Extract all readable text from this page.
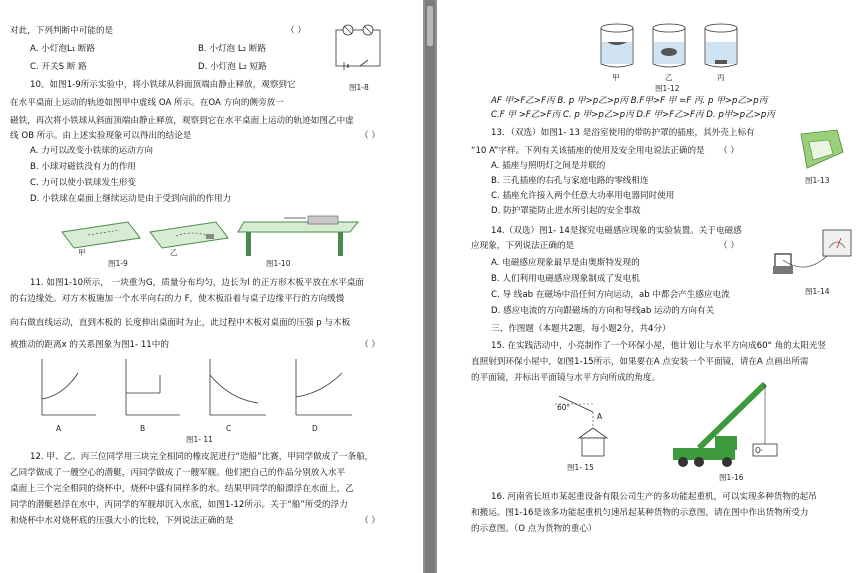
对此，下列判断中可能的是	（ ）
A. 小灯泡L₁ 断路	B. 小灯泡 L₂ 断路
C. 开关S 断 路	D. 小灯泡 L₂ 短路
图1-8
10。如图1-9所示实验中，将小铁球从斜面顶端由静止释放，观察到它
在水平桌面上运动的轨迹如图甲中虚线 OA 所示。在OA 方向的侧旁放一
磁铁，再次将小铁球从斜面顶端由静止释放，观察到它在水平桌面上运动的轨迹如图乙中虚
线 OB 所示。由上述实验现象可以得出的结论是	（ ）
A. 力可以改变小铁球的运动方向
B. 小球对磁铁没有力的作用
C. 力可以使小铁球发生形变
D. 小铁球在桌面上继续运动是由于受到向前的作用力
甲	乙
图1-9	图1-10
11. 如图1-10所示， 一块重为G，质量分布均匀，边长为l 的正方形木板平放在水平桌面
的右边缘处。对方木板施加一个水平向右的力 F，使木板沿着与桌子边缘平行的方向缓慢
向右做直线运动，直到木板的 长度伸出桌面时为止，此过程中木板对桌面的压强 p 与木板
被推动的距离x 的关系图象为图1- 11中的	（ ）
A	B	C	D
图1- 11
12. 甲、乙、丙三位同学用三块完全相同的橡皮泥进行“造船”比赛，甲同学做成了一条船，
乙同学做成了一艘空心的潜艇，丙同学做成了一艘军舰。他们把自己的作品分别放入水平
桌面上三个完全相同的烧杯中，烧杯中盛有同样多的水。结果甲同学的船漂浮在水面上，乙
同学的潜艇悬浮在水中，丙同学的军舰却沉入水底，如图1-12所示。关于“船”所受的浮力
和烧杯中水对烧杯底的压强大小的比较，下列说法正确的是	（ ）
甲	乙	丙
图1-12
AF 甲>F乙>F丙 B. p 甲>p乙>p丙 B.F甲>F 甲 =F 丙. p 甲>p乙>p丙
C.F 甲 >F乙>F丙 C. p 甲>p乙>p丙 D.F 甲>F乙>F丙 D. p甲>p乙>p丙
13．（双选）如图1- 13 是浴室使用的带防护罩的插座，其外壳上标有
“10 A”字样。下列有关该插座的使用及安全用电说法正确的是 （ ）
A. 插座与照明灯之间是并联的
B. 三孔插座的右孔与家庭电路的零线相连
C. 插座允许接入两个任意大功率用电器同时使用
D. 防护罩能防止进水所引起的安全事故
图1-13
14.（双选）图1- 14是探究电磁感应现象的实验装置。关于电磁感
应现象，下列说法正确的是	（ ）
A. 电磁感应现象最早是由奥斯特发现的
B. 人们利用电磁感应现象制成了发电机
C. 导 线ab 在磁场中沿任何方向运动，ab 中都会产生感应电流
D. 感应电流的方向跟磁场的方向和导线ab 运动的方向有关
图1-14
三、作图题（本题共2题，每小题2分，共4分）
15. 在实践活动中，小亮制作了一个环保小屋，他计划让与水平方向成60° 角的太阳光竖
直照射到环保小屋中，如图1-15所示，如果要在A 点安装一个平面镜，请在A 点画出所需
的平面镜，并标出平面镜与水平方向所成的角度。
60°
A
图1- 15
O·
图1-16
16. 河南省长垣市某起重设备有限公司生产的多功能起重机，可以实现多种货物的起吊
和搬运。图1-16是该多功能起重机匀速吊起某种货物的示意图，请在图中作出货物所受力
的示意图。（O 点为货物的重心）
